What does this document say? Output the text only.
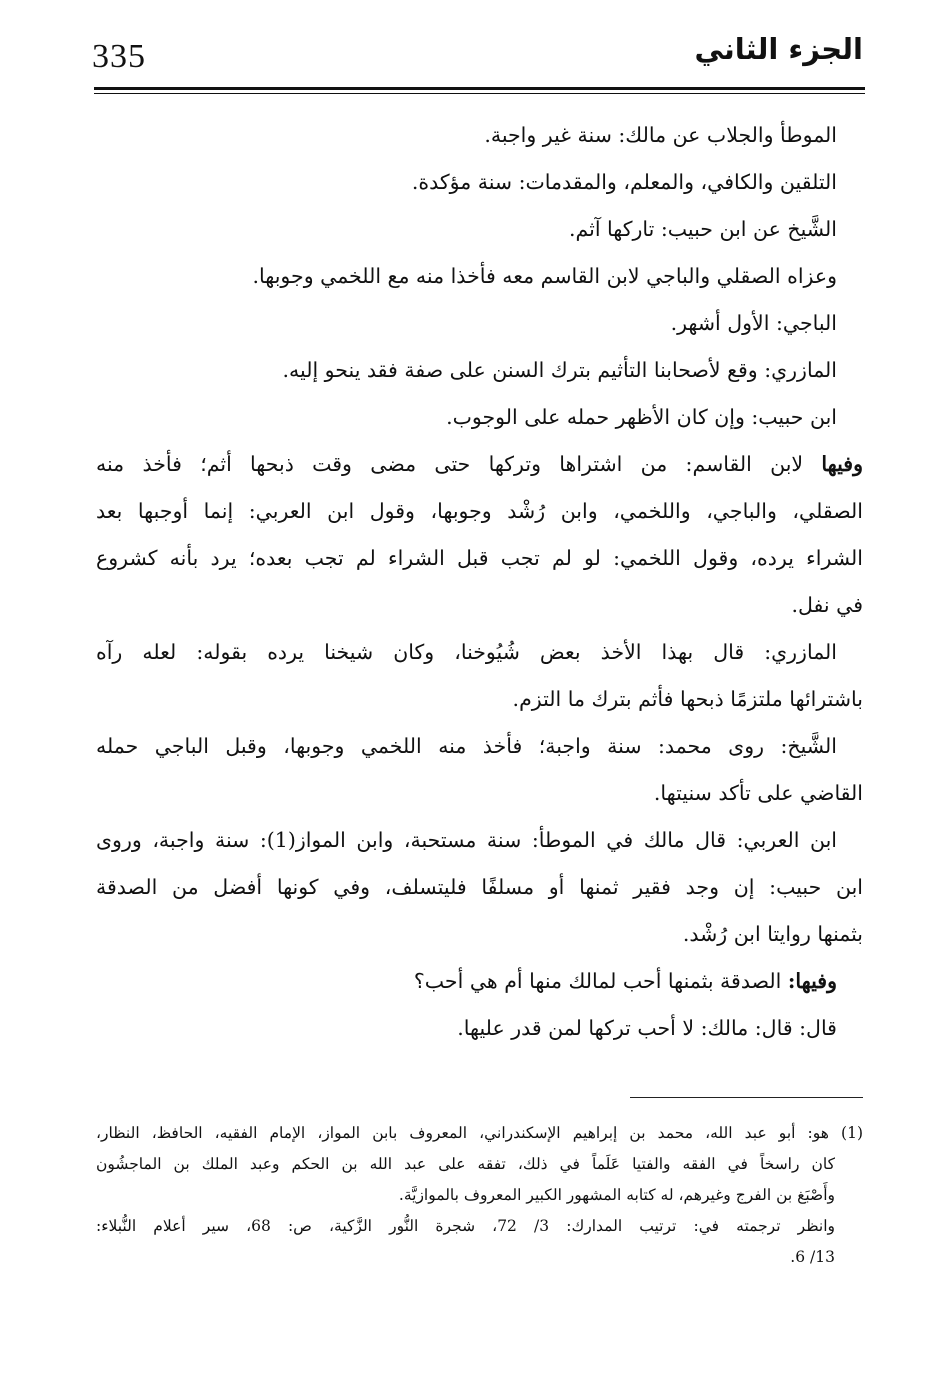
335	الجزء الثاني
الموطأ والجلاب عن مالك: سنة غير واجبة.
التلقين والكافي، والمعلم، والمقدمات: سنة مؤكدة.
الشَّيخ عن ابن حبيب: تاركها آثم.
وعزاه الصقلي والباجي لابن القاسم معه فأخذا منه مع اللخمي وجوبها.
الباجي: الأول أشهر.
المازري: وقع لأصحابنا التأثيم بترك السنن على صفة فقد ينحو إليه.
ابن حبيب: وإن كان الأظهر حمله على الوجوب.
وفيها لابن القاسم: من اشتراها وتركها حتى مضى وقت ذبحها أثم؛ فأخذ منه
الصقلي، والباجي، واللخمي، وابن رُشْد وجوبها، وقول ابن العربي: إنما أوجبها بعد
الشراء يرده، وقول اللخمي: لو لم تجب قبل الشراء لم تجب بعده؛ يرد بأنه كشروع
في نفل.
المازري: قال بهذا الأخذ بعض شُيُوخنا، وكان شيخنا يرده بقوله: لعله رآه
باشترائها ملتزمًا ذبحها فأثم بترك ما التزم.
الشَّيخ: روى محمد: سنة واجبة؛ فأخذ منه اللخمي وجوبها، وقبل الباجي حمله
القاضي على تأكد سنيتها.
ابن العربي: قال مالك في الموطأ: سنة مستحبة، وابن المواز(1): سنة واجبة، وروى
ابن حبيب: إن وجد فقير ثمنها أو مسلفًا فليتسلف، وفي كونها أفضل من الصدقة
بثمنها روايتا ابن رُشْد.
وفيها: الصدقة بثمنها أحب لمالك منها أم هي أحب؟
قال: قال: مالك: لا أحب تركها لمن قدر عليها.
(1) هو: أبو عبد الله، محمد بن إبراهيم الإسكندراني، المعروف بابن المواز، الإمام الفقيه، الحافظ، النظار،
كان راسخاً في الفقه والفتيا عَلَماً في ذلك، تفقه على عبد الله بن الحكم وعبد الملك بن الماجشُون
وأَصْبَغ بن الفرج وغيرهم، له كتابه المشهور الكبير المعروف بالموازيَّة.
وانظر ترجمته في: ترتيب المدارك: 3/ 72، شجرة النُّور الزَّكية، ص: 68، سير أعلام النُّبلاء:
13/ 6.
